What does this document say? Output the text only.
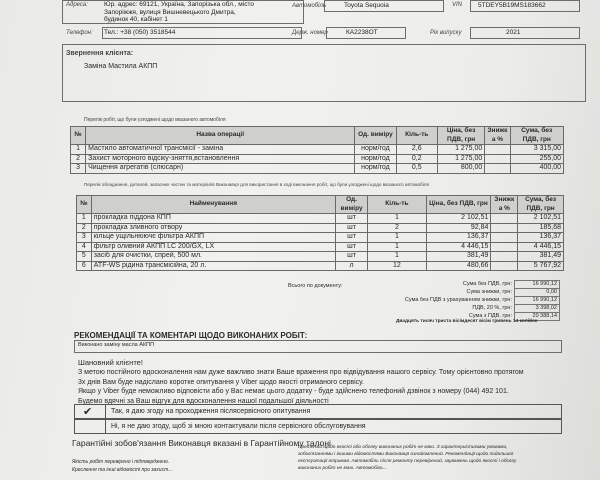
Адреса: Юр. адрес: 69121, Україна, Запорізька обл., місто
Запоріжжя, вулиця Вишневецького Дмитра,
будинок 40, кабінет 1
Автомобіль	Toyota Sequoia	VIN 5TDEY5B19MS183662
Телефон: Тел.: +38 (050) 3518544	Держ. номер	КА2238ОТ	Рік випуску	2021
Звернення клієнта:
Заміна Мастила АКПП
Перелік робіт, що були узгоджені щодо вказаного автомобіля
№	Назва операції	Од. виміру	Кіль-ть	Ціна, без ПДВ, грн	Знижк а %	Сума, без ПДВ, грн
1	Мастило автоматичної трансмісії - заміна	норм/год	2,6	1 275,00		3 315,00
2	Захист моторного відсіку-зняття,встановлення	норм/год	0,2	1 275,00		255,00
3	Чищення агрегатів (слюсарн)	норм/год	0,5	800,00		400,00
Перелік обладнання, деталей, запасних частин та матеріалів Виконавця для використання в ході виконання робіт, що були узгоджені щодо вказаного автомобіля
№	Найменування	Од. виміру	Кіль-ть	Ціна, без ПДВ, грн	Знижк а %	Сума, без ПДВ, грн
1	прокладка піддона КПП	шт	1	2 102,51		2 102,51
2	прокладка зливного отвору	шт	2	92,84		185,68
3	кільце ущільнюючє фільтра АКПП	шт	1	136,37		136,37
4	фільтр оливний АКПП LC 200/GX, LX	шт	1	4 446,15		4 446,15
5	засіб для очистки, спрей, 500 мл.	шт	1	381,49		381,49
6	ATF-WS рідина трансмісійна, 20 л.	л	12	480,66		5 767,92
Всього по документу:	Сума без ПДВ, грн:	16 990,12
Сума знижки, грн:	0,00
Сума без ПДВ з урахуванням знижки, грн:	16 990,12
ПДВ, 20 %, грн:	3 398,02
Сума з ПДВ, грн:	20 388,14
Двадцять тисяч триста вісімдесят вісім гривень 14 копійок
РЕКОМЕНДАЦІЇ ТА КОМЕНТАРІ ЩОДО ВИКОНАНИХ РОБІТ:
Виконано заміну масла АКПП
Шановний клієнте!
З метою постійного вдосконалення нам дуже важливо знати Ваше враження про відвідування нашого сервісу. Тому орієнтовно протягом
3х днів Вам буде надіслано коротке опитування у Viber щодо якості отриманого сервісу.
Якщо у Viber буде неможливо відповісти або у Вас немає цього додатку - буде здійснено телефоний дзвінок з номеру (044) 492 101.
Будемо вдячні за Ваш відгук для вдосконалення нашої подальшої діяльності
✔	Так, я даю згоду на проходження післясервісного опитування
Ні, я не даю згоду, щоб зі мною контактували після сервісного обслуговування
Гарантійні зобов'язання Виконавця вказані в Гарантійному талоні
Якість робіт перевірено і підтверджено.
Креслення та інші відомості про захист...
Претензій щодо якості або обсягу виконаних робіт не маю. З характеристиками умовами,
зобов'язаннями і іншими відомостями Виконавця ознайомлений. Рекомендації щодо подальшої
експлуатації отримав. Автомобіль після ремонту перевірений, зауважень щодо якості і обсягу
виконаних робіт не маю. Автомобіль...
